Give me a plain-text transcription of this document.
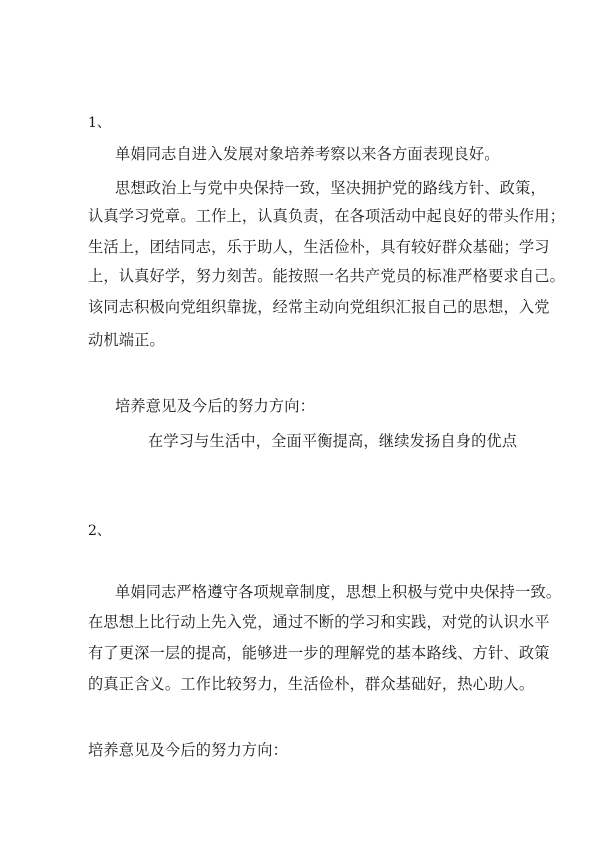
1、
单娟同志自进入发展对象培养考察以来各方面表现良好。
思想政治上与党中央保持一致，坚决拥护党的路线方针、政策，
认真学习党章。工作上，认真负责，在各项活动中起良好的带头作用；
生活上，团结同志，乐于助人，生活俭朴，具有较好群众基础；学习
上，认真好学，努力刻苦。能按照一名共产党员的标准严格要求自己。
该同志积极向党组织靠拢，经常主动向党组织汇报自己的思想，入党
动机端正。
培养意见及今后的努力方向：
在学习与生活中，全面平衡提高，继续发扬自身的优点
2、
单娟同志严格遵守各项规章制度，思想上积极与党中央保持一致。
在思想上比行动上先入党，通过不断的学习和实践，对党的认识水平
有了更深一层的提高，能够进一步的理解党的基本路线、方针、政策
的真正含义。工作比较努力，生活俭朴，群众基础好，热心助人。
培养意见及今后的努力方向：
